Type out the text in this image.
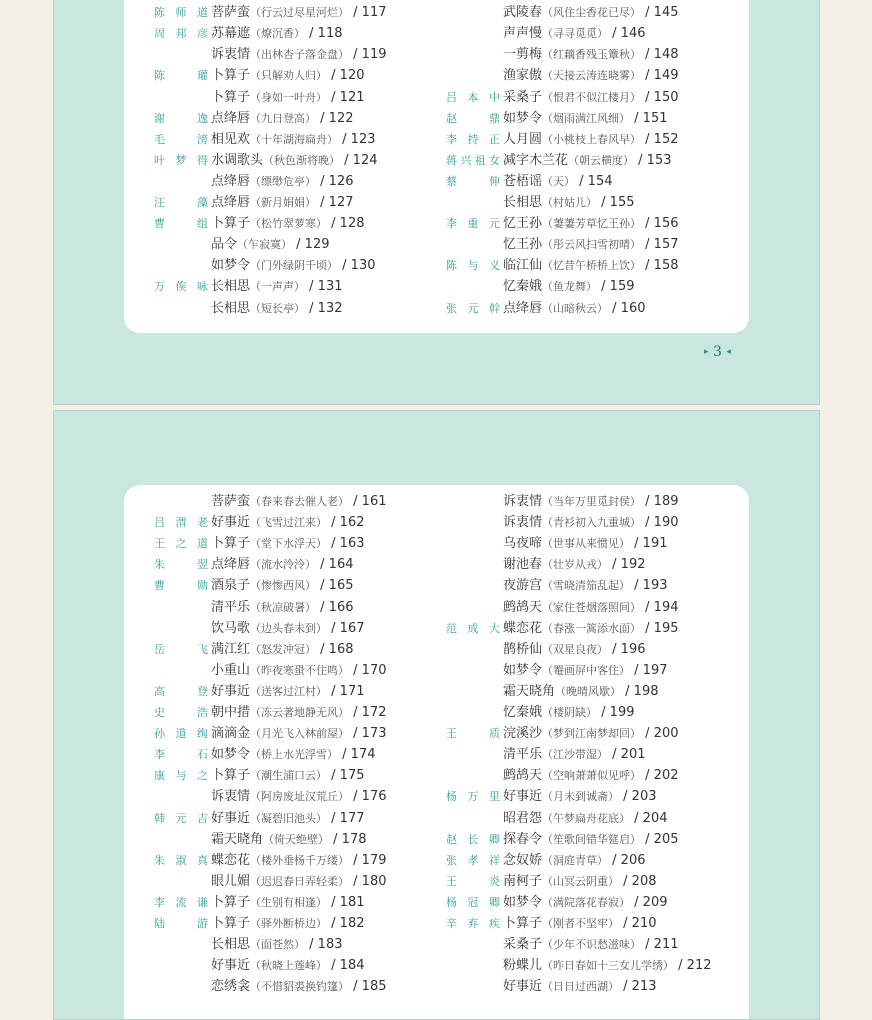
陈师道 菩萨蛮（行云过尽星河烂） / 117
周邦彦 苏幕遮（燎沉香） / 118
诉衷情（出林杏子落金盘） / 119
陈　瓘 卜算子（只解劝人归） / 120
卜算子（身如一叶舟） / 121
谢　逸 点绛唇（九日登高） / 122
毛　滂 相见欢（十年湖海扁舟） / 123
叶梦得 水调歌头（秋色渐将晚） / 124
点绛唇（缥缈危亭） / 126
汪　藻 点绛唇（新月娟娟） / 127
曹　组 卜算子（松竹翠萝寒） / 128
品令（乍寂寞） / 129
如梦令（门外绿阴千顷） / 130
万俟咏 长相思（一声声） / 131
长相思（短长亭） / 132
武陵春（风住尘香花已尽） / 145
声声慢（寻寻觅觅） / 146
一剪梅（红藕香残玉簟秋） / 148
渔家傲（天接云涛连晓雾） / 149
吕本中 采桑子（恨君不似江楼月） / 150
赵　鼎 如梦令（烟雨满江风细） / 151
李持正 人月圆（小桃枝上春风早） / 152
蒋兴祖女 减字木兰花（朝云横度） / 153
蔡　伸 苍梧谣（天） / 154
长相思（村姑儿） / 155
李重元 忆王孙（萋萋芳草忆王孙） / 156
忆王孙（彤云风扫雪初晴） / 157
陈与义 临江仙（忆昔午桥桥上饮） / 158
忆秦娥（鱼龙舞） / 159
张元幹 点绛唇（山暗秋云） / 160
▸ 3 ◂
菩萨蛮（春来春去催人老） / 161
吕渭老 好事近（飞雪过江来） / 162
王之道 卜算子（堂下水浮天） / 163
朱　翌 点绛唇（流水泠泠） / 164
曹　勋 酒泉子（惨惨西风） / 165
清平乐（秋凉破暑） / 166
饮马歌（边头春未到） / 167
岳　飞 满江红（怒发冲冠） / 168
小重山（昨夜寒蛩不住鸣） / 170
高　登 好事近（送客过江村） / 171
史　浩 朝中措（冻云著地静无风） / 172
孙道绚 滴滴金（月光飞入林前屋） / 173
李　石 如梦令（桥上水光浮雪） / 174
康与之 卜算子（潮生浦口云） / 175
诉衷情（阿房废址汉荒丘） / 176
韩元吉 好事近（凝碧旧池头） / 177
霜天晓角（倚天绝壁） / 178
朱淑真 蝶恋花（楼外垂杨千万缕） / 179
眼儿媚（迟迟春日弄轻柔） / 180
李流谦 卜算子（生别有相逢） / 181
陆　游 卜算子（驿外断桥边） / 182
长相思（面苍然） / 183
好事近（秋晓上莲峰） / 184
恋绣衾（不惜貂裘换钓篷） / 185
诉衷情（当年万里觅封侯） / 189
诉衷情（青衫初入九重城） / 190
乌夜啼（世事从来惯见） / 191
谢池春（壮岁从戎） / 192
夜游宫（雪晓清笳乱起） / 193
鹧鸪天（家住苍烟落照间） / 194
范成大 蝶恋花（春涨一篙添水面） / 195
鹊桥仙（双星良夜） / 196
如梦令（罨画屏中客住） / 197
霜天晓角（晚晴风歇） / 198
忆秦娥（楼阴缺） / 199
王　质 浣溪沙（梦到江南梦却回） / 200
清平乐（江沙带湿） / 201
鹧鸪天（空响萧萧似见呼） / 202
杨万里 好事近（月未到诚斋） / 203
昭君怨（午梦扁舟花底） / 204
赵长卿 探春令（笙歌间错华筵启） / 205
张孝祥 念奴娇（洞庭青草） / 206
王　炎 南柯子（山冥云阴重） / 208
杨冠卿 如梦令（满院落花春寂） / 209
辛弃疾 卜算子（刚者不坚牢） / 210
采桑子（少年不识愁滋味） / 211
粉蝶儿（昨日春如十三女儿学绣） / 212
好事近（日日过西湖） / 213
